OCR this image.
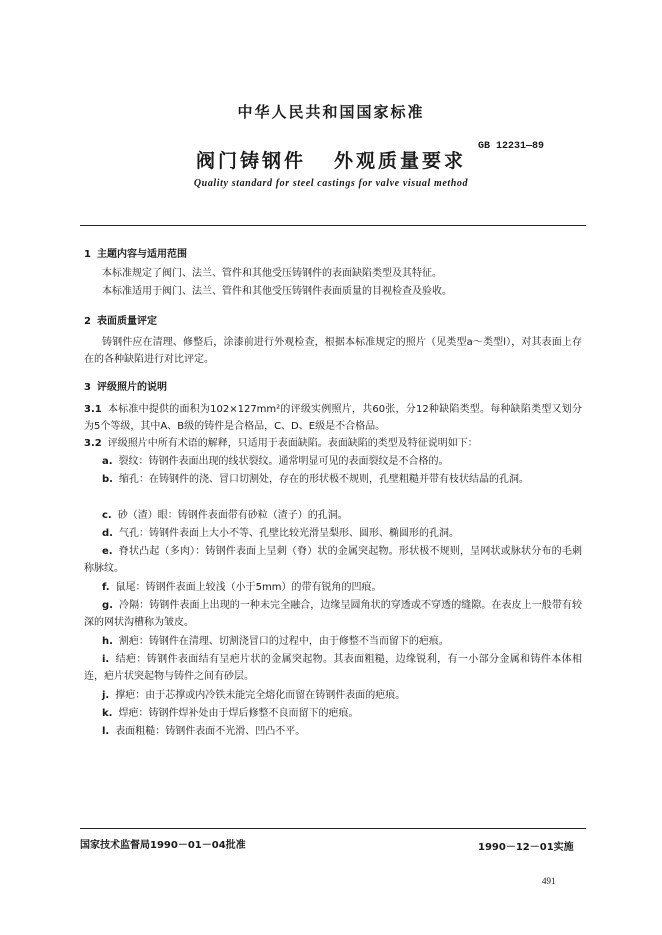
中华人民共和国国家标准
阀门铸钢件 外观质量要求
GB 12231—89
Quality standard for steel castings for valve visual method
1 主题内容与适用范围
本标准规定了阀门、法兰、管件和其他受压铸钢件的表面缺陷类型及其特征。
本标准适用于阀门、法兰、管件和其他受压铸钢件表面质量的目视检查及验收。
2 表面质量评定
铸钢件应在清理、修整后，涂漆前进行外观检查，根据本标准规定的照片（见类型a～类型l），对其表面上存在的各种缺陷进行对比评定。
3 评级照片的说明
3.1 本标准中提供的面积为102×127mm²的评级实例照片，共60张，分12种缺陷类型。每种缺陷类型又划分为5个等级，其中A、B级的铸件是合格品，C、D、E级是不合格品。
3.2 评级照片中所有术语的解释，只适用于表面缺陷。表面缺陷的类型及特征说明如下：
a. 裂纹：铸钢件表面出现的线状裂纹。通常明显可见的表面裂纹是不合格的。
b. 缩孔：在铸钢件的浇、冒口切割处，存在的形状极不规则，孔壁粗糙并带有枝状结晶的孔洞。
c. 砂（渣）眼：铸钢件表面带有砂粒（渣子）的孔洞。
d. 气孔：铸钢件表面上大小不等、孔壁比较光滑呈梨形、圆形、椭圆形的孔洞。
e. 脊状凸起（多肉）：铸钢件表面上呈刺（脊）状的金属突起物。形状极不规则，呈网状或脉状分布的毛刺称脉纹。
f. 鼠尾：铸钢件表面上较浅（小于5mm）的带有锐角的凹痕。
g. 冷隔：铸钢件表面上出现的一种未完全融合，边缘呈圆角状的穿透或不穿透的缝隙。在表皮上一般带有较深的网状沟槽称为皱皮。
h. 割疤：铸钢件在清理、切割浇冒口的过程中，由于修整不当而留下的疤痕。
i. 结疤：铸钢件表面结有呈疤片状的金属突起物。其表面粗糙，边缘锐利，有一小部分金属和铸件本体相连，疤片状突起物与铸件之间有砂层。
j. 撑疤：由于芯撑或内冷铁未能完全熔化而留在铸钢件表面的疤痕。
k. 焊疤：铸钢件焊补处由于焊后修整不良而留下的疤痕。
l. 表面粗糙：铸钢件表面不光滑、凹凸不平。
国家技术监督局1990－01－04批准	1990－12－01实施
491
